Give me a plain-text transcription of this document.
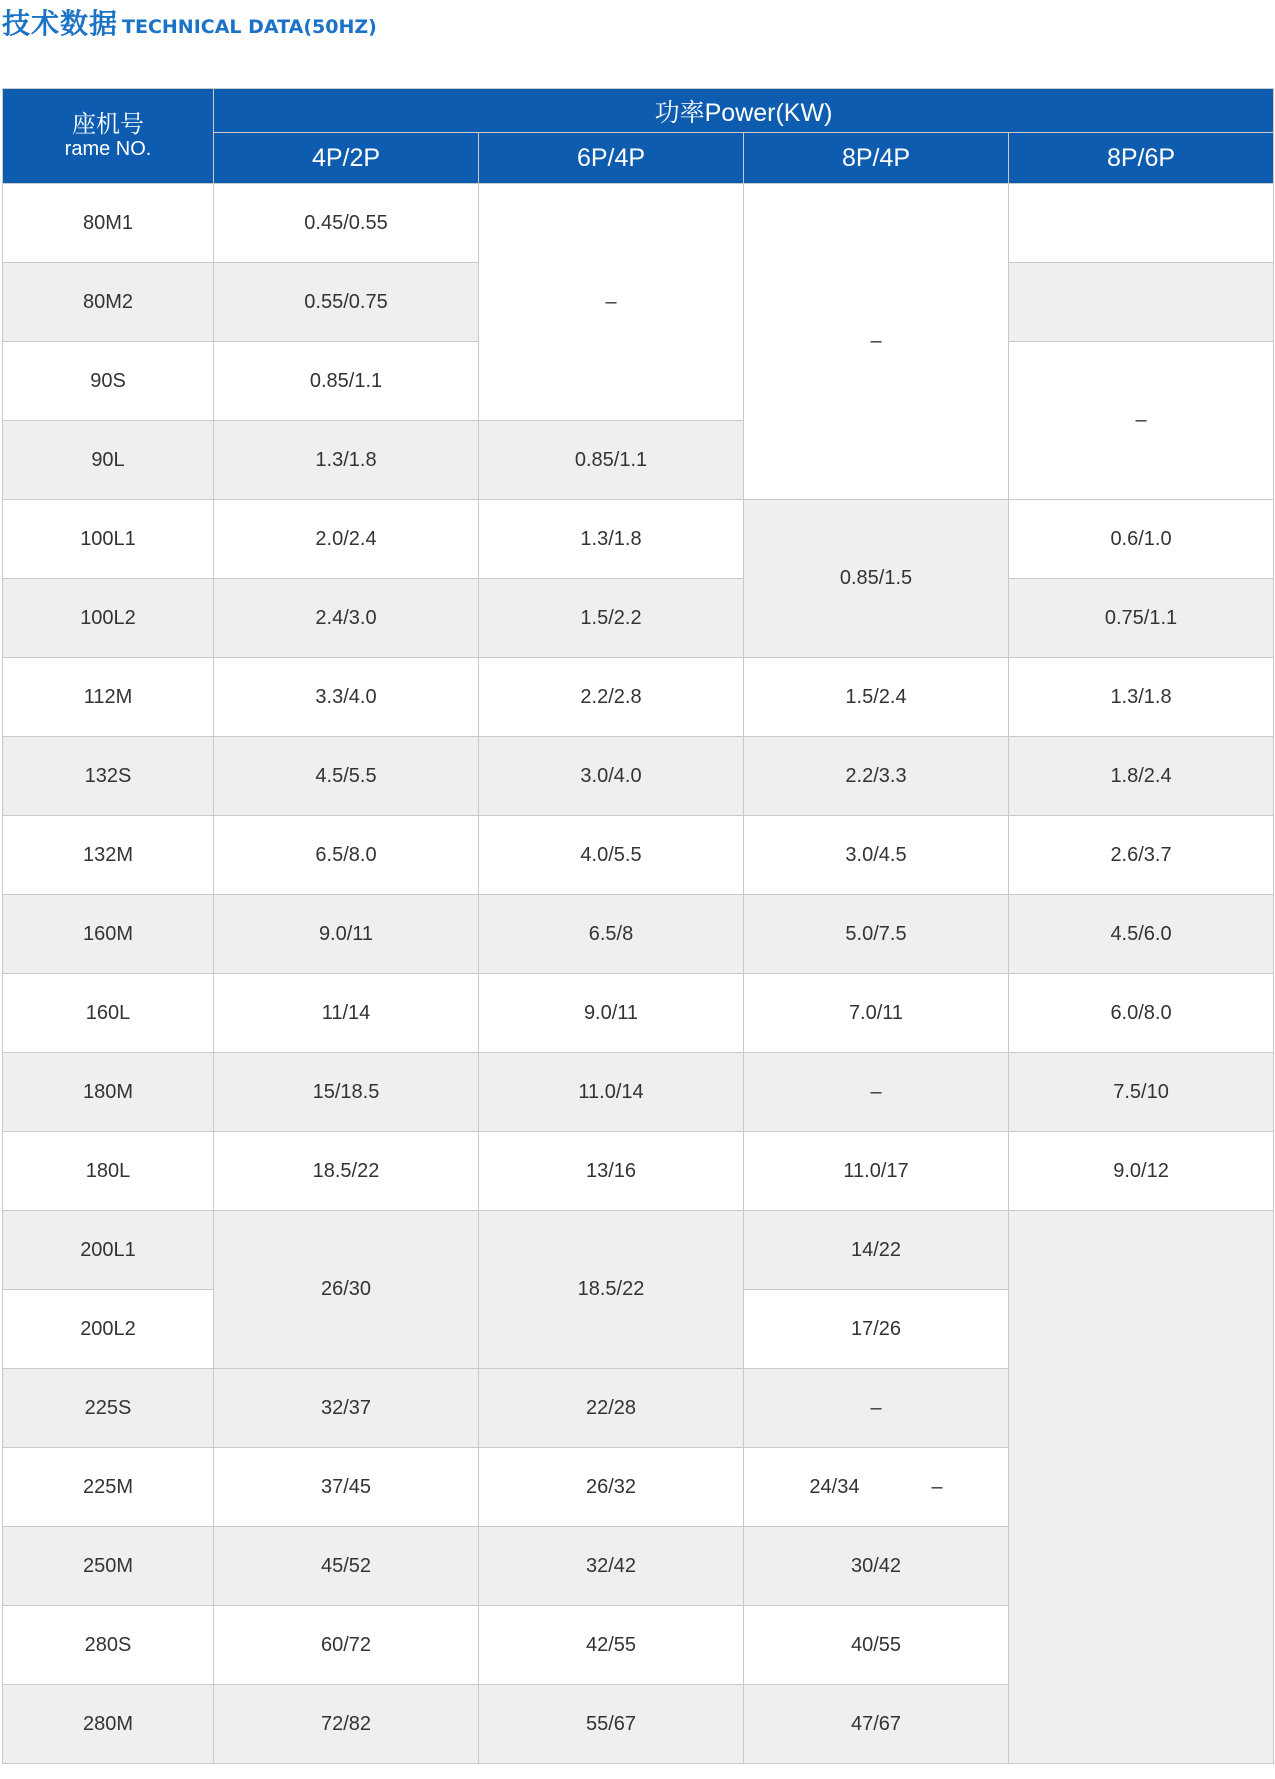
技术数据 TECHNICAL DATA(50HZ)
座机号
rame NO.	功率Power(KW)			
	4P/2P	6P/4P	8P/4P	8P/6P
80M1	0.45/0.55	–	–	
80M2	0.55/0.75			
90S	0.85/1.1			–
90L	1.3/1.8	0.85/1.1		
100L1	2.0/2.4	1.3/1.8	0.85/1.5	0.6/1.0
100L2	2.4/3.0	1.5/2.2		0.75/1.1
112M	3.3/4.0	2.2/2.8	1.5/2.4	1.3/1.8
132S	4.5/5.5	3.0/4.0	2.2/3.3	1.8/2.4
132M	6.5/8.0	4.0/5.5	3.0/4.5	2.6/3.7
160M	9.0/11	6.5/8	5.0/7.5	4.5/6.0
160L	11/14	9.0/11	7.0/11	6.0/8.0
180M	15/18.5	11.0/14	–	7.5/10
180L	18.5/22	13/16	11.0/17	9.0/12
200L1	26/30	18.5/22	14/22	
200L2			17/26	
225S	32/37	22/28	–	
225M	37/45	26/32	24/34 –	
250M	45/52	32/42	30/42	
280S	60/72	42/55	40/55	
280M	72/82	55/67	47/67	
